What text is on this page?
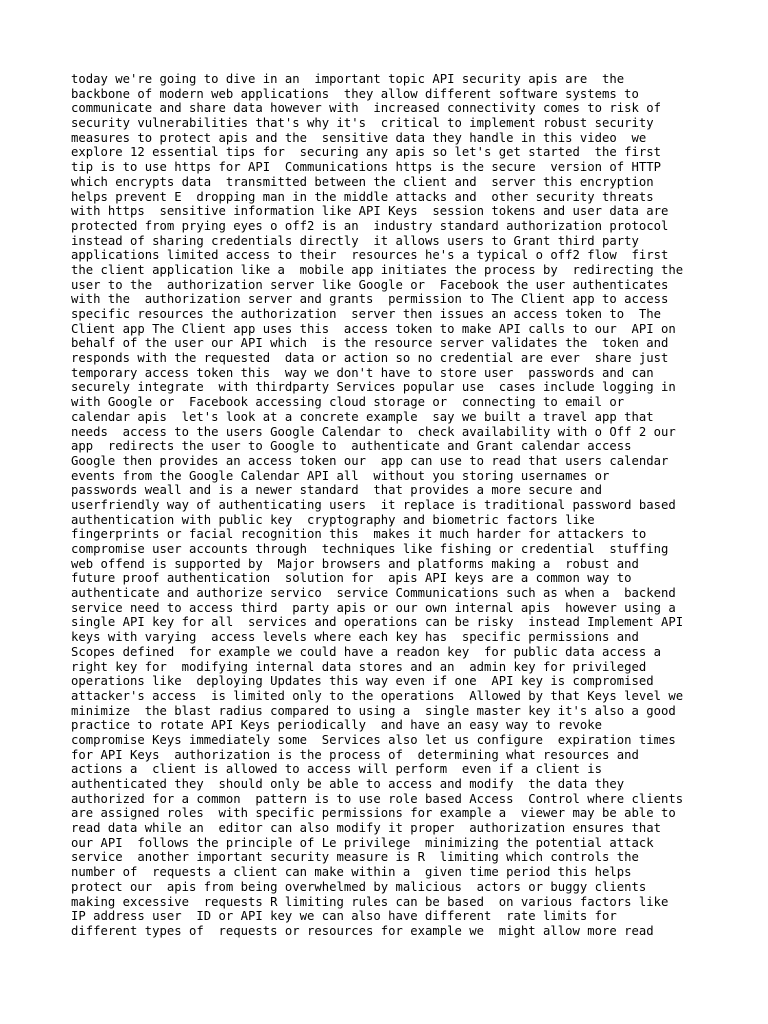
today we're going to dive in an  important topic API security apis are  the
backbone of modern web applications  they allow different software systems to
communicate and share data however with  increased connectivity comes to risk of
security vulnerabilities that's why it's  critical to implement robust security
measures to protect apis and the  sensitive data they handle in this video  we
explore 12 essential tips for  securing any apis so let's get started  the first
tip is to use https for API  Communications https is the secure  version of HTTP
which encrypts data  transmitted between the client and  server this encryption
helps prevent E  dropping man in the middle attacks and  other security threats
with https  sensitive information like API Keys  session tokens and user data are
protected from prying eyes o off2 is an  industry standard authorization protocol
instead of sharing credentials directly  it allows users to Grant third party
applications limited access to their  resources he's a typical o off2 flow  first
the client application like a  mobile app initiates the process by  redirecting the
user to the  authorization server like Google or  Facebook the user authenticates
with the  authorization server and grants  permission to The Client app to access
specific resources the authorization  server then issues an access token to  The
Client app The Client app uses this  access token to make API calls to our  API on
behalf of the user our API which  is the resource server validates the  token and
responds with the requested  data or action so no credential are ever  share just
temporary access token this  way we don't have to store user  passwords and can
securely integrate  with thirdparty Services popular use  cases include logging in
with Google or  Facebook accessing cloud storage or  connecting to email or
calendar apis  let's look at a concrete example  say we built a travel app that
needs  access to the users Google Calendar to  check availability with o Off 2 our
app  redirects the user to Google to  authenticate and Grant calendar access
Google then provides an access token our  app can use to read that users calendar
events from the Google Calendar API all  without you storing usernames or
passwords weall and is a newer standard  that provides a more secure and
userfriendly way of authenticating users  it replace is traditional password based
authentication with public key  cryptography and biometric factors like
fingerprints or facial recognition this  makes it much harder for attackers to
compromise user accounts through  techniques like fishing or credential  stuffing
web offend is supported by  Major browsers and platforms making a  robust and
future proof authentication  solution for  apis API keys are a common way to
authenticate and authorize servico  service Communications such as when a  backend
service need to access third  party apis or our own internal apis  however using a
single API key for all  services and operations can be risky  instead Implement API
keys with varying  access levels where each key has  specific permissions and
Scopes defined  for example we could have a readon key  for public data access a
right key for  modifying internal data stores and an  admin key for privileged
operations like  deploying Updates this way even if one  API key is compromised
attacker's access  is limited only to the operations  Allowed by that Keys level we
minimize  the blast radius compared to using a  single master key it's also a good
practice to rotate API Keys periodically  and have an easy way to revoke
compromise Keys immediately some  Services also let us configure  expiration times
for API Keys  authorization is the process of  determining what resources and
actions a  client is allowed to access will perform  even if a client is
authenticated they  should only be able to access and modify  the data they
authorized for a common  pattern is to use role based Access  Control where clients
are assigned roles  with specific permissions for example a  viewer may be able to
read data while an  editor can also modify it proper  authorization ensures that
our API  follows the principle of Le privilege  minimizing the potential attack
service  another important security measure is R  limiting which controls the
number of  requests a client can make within a  given time period this helps
protect our  apis from being overwhelmed by malicious  actors or buggy clients
making excessive  requests R limiting rules can be based  on various factors like
IP address user  ID or API key we can also have different  rate limits for
different types of  requests or resources for example we  might allow more read
